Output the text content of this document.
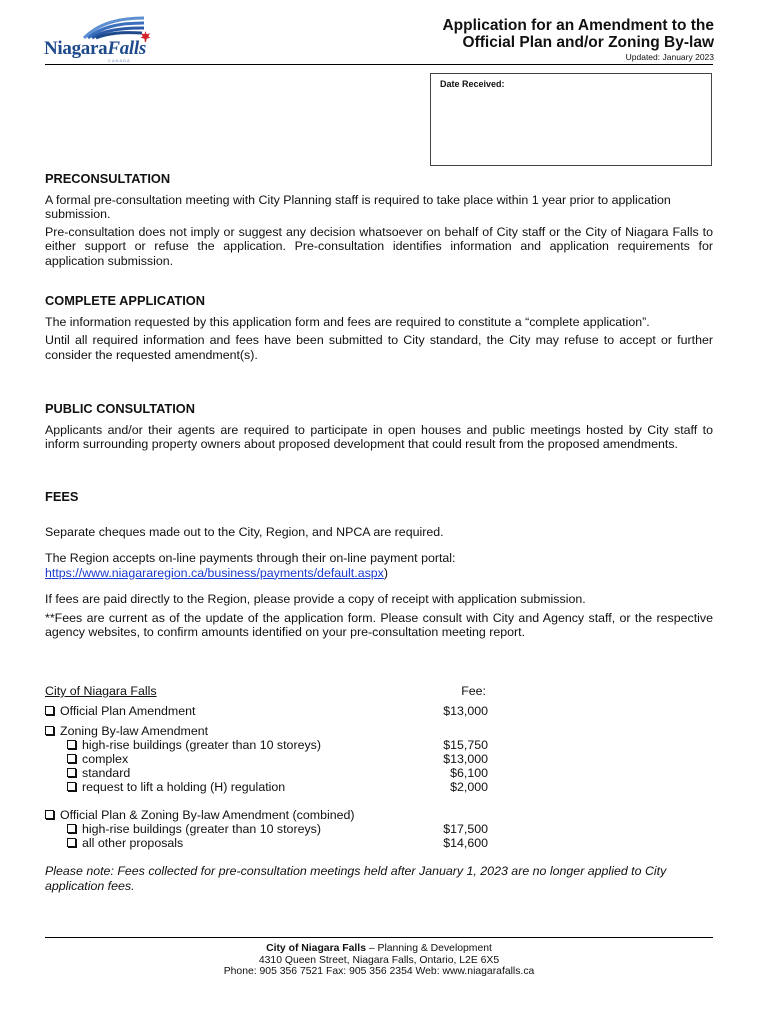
NiagaraFalls
CANADA
Application for an Amendment to the
Official Plan and/or Zoning By-law
Updated: January 2023
Date Received:
PRECONSULTATION
A formal pre-consultation meeting with City Planning staff is required to take place within 1 year prior to application submission.
Pre-consultation does not imply or suggest any decision whatsoever on behalf of City staff or the City of Niagara Falls to either support or refuse the application. Pre-consultation identifies information and application requirements for application submission.
COMPLETE APPLICATION
The information requested by this application form and fees are required to constitute a “complete application”.
Until all required information and fees have been submitted to City standard, the City may refuse to accept or further consider the requested amendment(s).
PUBLIC CONSULTATION
Applicants and/or their agents are required to participate in open houses and public meetings hosted by City staff to inform surrounding property owners about proposed development that could result from the proposed amendments.
FEES
Separate cheques made out to the City, Region, and NPCA are required.
The Region accepts on-line payments through their on-line payment portal:
https://www.niagararegion.ca/business/payments/default.aspx)
If fees are paid directly to the Region, please provide a copy of receipt with application submission.
**Fees are current as of the update of the application form. Please consult with City and Agency staff, or the respective agency websites, to confirm amounts identified on your pre-consultation meeting report.
City of Niagara Falls	Fee:
Official Plan Amendment	$13,000
Zoning By-law Amendment
high-rise buildings (greater than 10 storeys)	$15,750
complex	$13,000
standard	$6,100
request to lift a holding (H) regulation	$2,000
Official Plan & Zoning By-law Amendment (combined)
high-rise buildings (greater than 10 storeys)	$17,500
all other proposals	$14,600
Please note: Fees collected for pre-consultation meetings held after January 1, 2023 are no longer applied to City application fees.
City of Niagara Falls – Planning & Development
4310 Queen Street, Niagara Falls, Ontario, L2E 6X5
Phone: 905 356 7521 Fax: 905 356 2354 Web: www.niagarafalls.ca
